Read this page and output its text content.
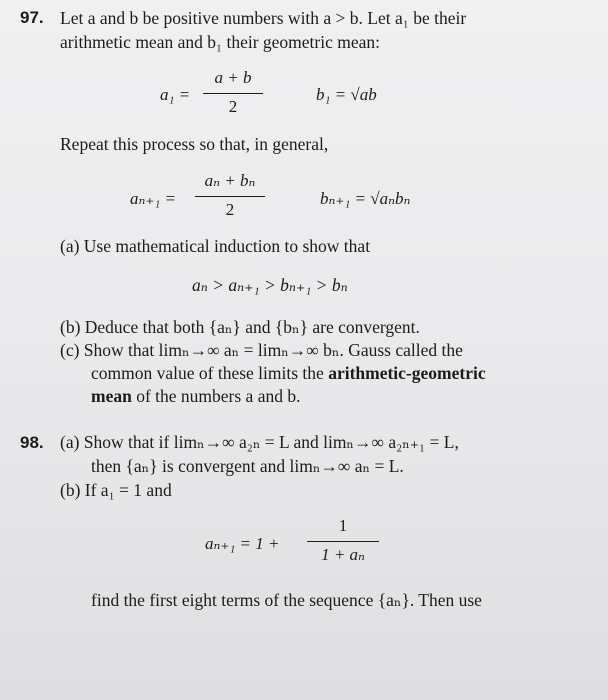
97. Let a and b be positive numbers with a > b. Let a₁ be their
arithmetic mean and b₁ their geometric mean:
a₁ =
a + b
2
b₁ = √ab
Repeat this process so that, in general,
aₙ₊₁ =
aₙ + bₙ
2
bₙ₊₁ = √aₙbₙ
(a) Use mathematical induction to show that
aₙ > aₙ₊₁ > bₙ₊₁ > bₙ
(b) Deduce that both {aₙ} and {bₙ} are convergent.
(c) Show that limₙ→∞ aₙ = limₙ→∞ bₙ. Gauss called the
common value of these limits the arithmetic-geometric
mean of the numbers a and b.
98. (a) Show that if limₙ→∞ a₂ₙ = L and limₙ→∞ a₂ₙ₊₁ = L,
then {aₙ} is convergent and limₙ→∞ aₙ = L.
(b) If a₁ = 1 and
aₙ₊₁ = 1 +
1
1 + aₙ
find the first eight terms of the sequence {aₙ}. Then use
